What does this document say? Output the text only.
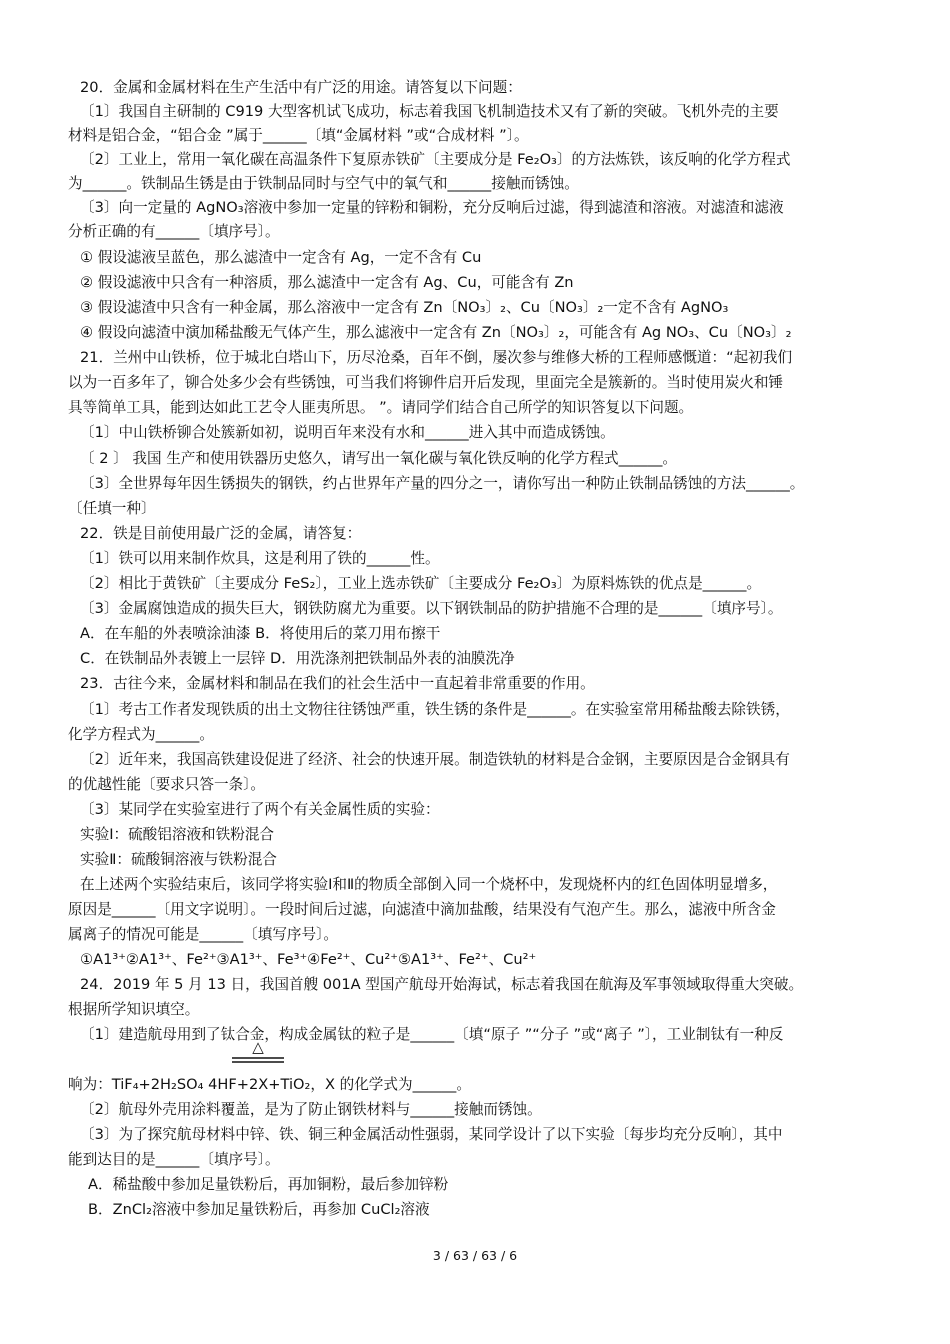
20．金属和金属材料在生产生活中有广泛的用途。请答复以下问题：
〔1〕我国自主研制的 C919 大型客机试飞成功，标志着我国飞机制造技术又有了新的突破。飞机外壳的主要
材料是铝合金，“铝合金 ”属于______〔填“金属材料 ”或“合成材料 ”〕。
〔2〕工业上，常用一氧化碳在高温条件下复原赤铁矿〔主要成分是 Fe₂O₃〕的方法炼铁，该反响的化学方程式
为______。铁制品生锈是由于铁制品同时与空气中的氧气和______接触而锈蚀。
〔3〕向一定量的 AgNO₃溶液中参加一定量的锌粉和铜粉，充分反响后过滤，得到滤渣和溶液。对滤渣和滤液
分析正确的有______〔填序号〕。
① 假设滤液呈蓝色，那么滤渣中一定含有 Ag，一定不含有 Cu
② 假设滤液中只含有一种溶质，那么滤渣中一定含有 Ag、Cu，可能含有 Zn
③ 假设滤渣中只含有一种金属，那么溶液中一定含有 Zn〔NO₃〕₂、Cu〔NO₃〕₂一定不含有 AgNO₃
④ 假设向滤渣中演加稀盐酸无气体产生，那么滤液中一定含有 Zn〔NO₃〕₂，可能含有 Ag NO₃、Cu〔NO₃〕₂
21．兰州中山铁桥，位于城北白塔山下，历尽沧桑，百年不倒，屡次参与维修大桥的工程师感慨道：“起初我们
以为一百多年了，铆合处多少会有些锈蚀，可当我们将铆件启开后发现，里面完全是簇新的。当时使用炭火和锤
具等简单工具，能到达如此工艺令人匪夷所思。 ”。请同学们结合自己所学的知识答复以下问题。
〔1〕中山铁桥铆合处簇新如初，说明百年来没有水和______进入其中而造成锈蚀。
〔 2 〕 我国 生产和使用铁器历史悠久，请写出一氧化碳与氧化铁反响的化学方程式______。
〔3〕全世界每年因生锈损失的钢铁，约占世界年产量的四分之一，请你写出一种防止铁制品锈蚀的方法______。
〔任填一种〕
22．铁是目前使用最广泛的金属，请答复：
〔1〕铁可以用来制作炊具，这是利用了铁的______性。
〔2〕相比于黄铁矿〔主要成分 FeS₂〕，工业上选赤铁矿〔主要成分 Fe₂O₃〕为原料炼铁的优点是______。
〔3〕金属腐蚀造成的损失巨大，钢铁防腐尤为重要。以下钢铁制品的防护措施不合理的是______〔填序号〕。
A．在车船的外表喷涂油漆 B．将使用后的菜刀用布擦干
C．在铁制品外表镀上一层锌 D．用洗涤剂把铁制品外表的油膜洗净
23．古往今来，金属材料和制品在我们的社会生活中一直起着非常重要的作用。
〔1〕考古工作者发现铁质的出土文物往往锈蚀严重，铁生锈的条件是______。在实验室常用稀盐酸去除铁锈，
化学方程式为______。
〔2〕近年来，我国高铁建设促进了经济、社会的快速开展。制造铁轨的材料是合金钢，主要原因是合金钢具有
的优越性能〔要求只答一条〕。
〔3〕某同学在实验室进行了两个有关金属性质的实验：
实验Ⅰ：硫酸铝溶液和铁粉混合
实验Ⅱ：硫酸铜溶液与铁粉混合
在上述两个实验结束后，该同学将实验Ⅰ和Ⅱ的物质全部倒入同一个烧杯中，发现烧杯内的红色固体明显增多，
原因是______〔用文字说明〕。一段时间后过滤，向滤渣中滴加盐酸，结果没有气泡产生。那么，滤液中所含金
属离子的情况可能是______〔填写序号〕。
①A1³⁺②A1³⁺、Fe²⁺③A1³⁺、Fe³⁺④Fe²⁺、Cu²⁺⑤A1³⁺、Fe²⁺、Cu²⁺
24．2019 年 5 月 13 日，我国首艘 001A 型国产航母开始海试，标志着我国在航海及军事领域取得重大突破。
根据所学知识填空。
〔1〕建造航母用到了钛合金，构成金属钛的粒子是______〔填“原子 ”“分子 ”或“离子 ”〕，工业制钛有一种反
△
响为：TiF₄+2H₂SO₄ 4HF+2X+TiO₂，X 的化学式为______。
〔2〕航母外壳用涂料覆盖，是为了防止钢铁材料与______接触而锈蚀。
〔3〕为了探究航母材料中锌、铁、铜三种金属活动性强弱，某同学设计了以下实验〔每步均充分反响〕，其中
能到达目的是______〔填序号〕。
A．稀盐酸中参加足量铁粉后，再加铜粉，最后参加锌粉
B．ZnCl₂溶液中参加足量铁粉后，再参加 CuCl₂溶液
3 / 63 / 63 / 6
